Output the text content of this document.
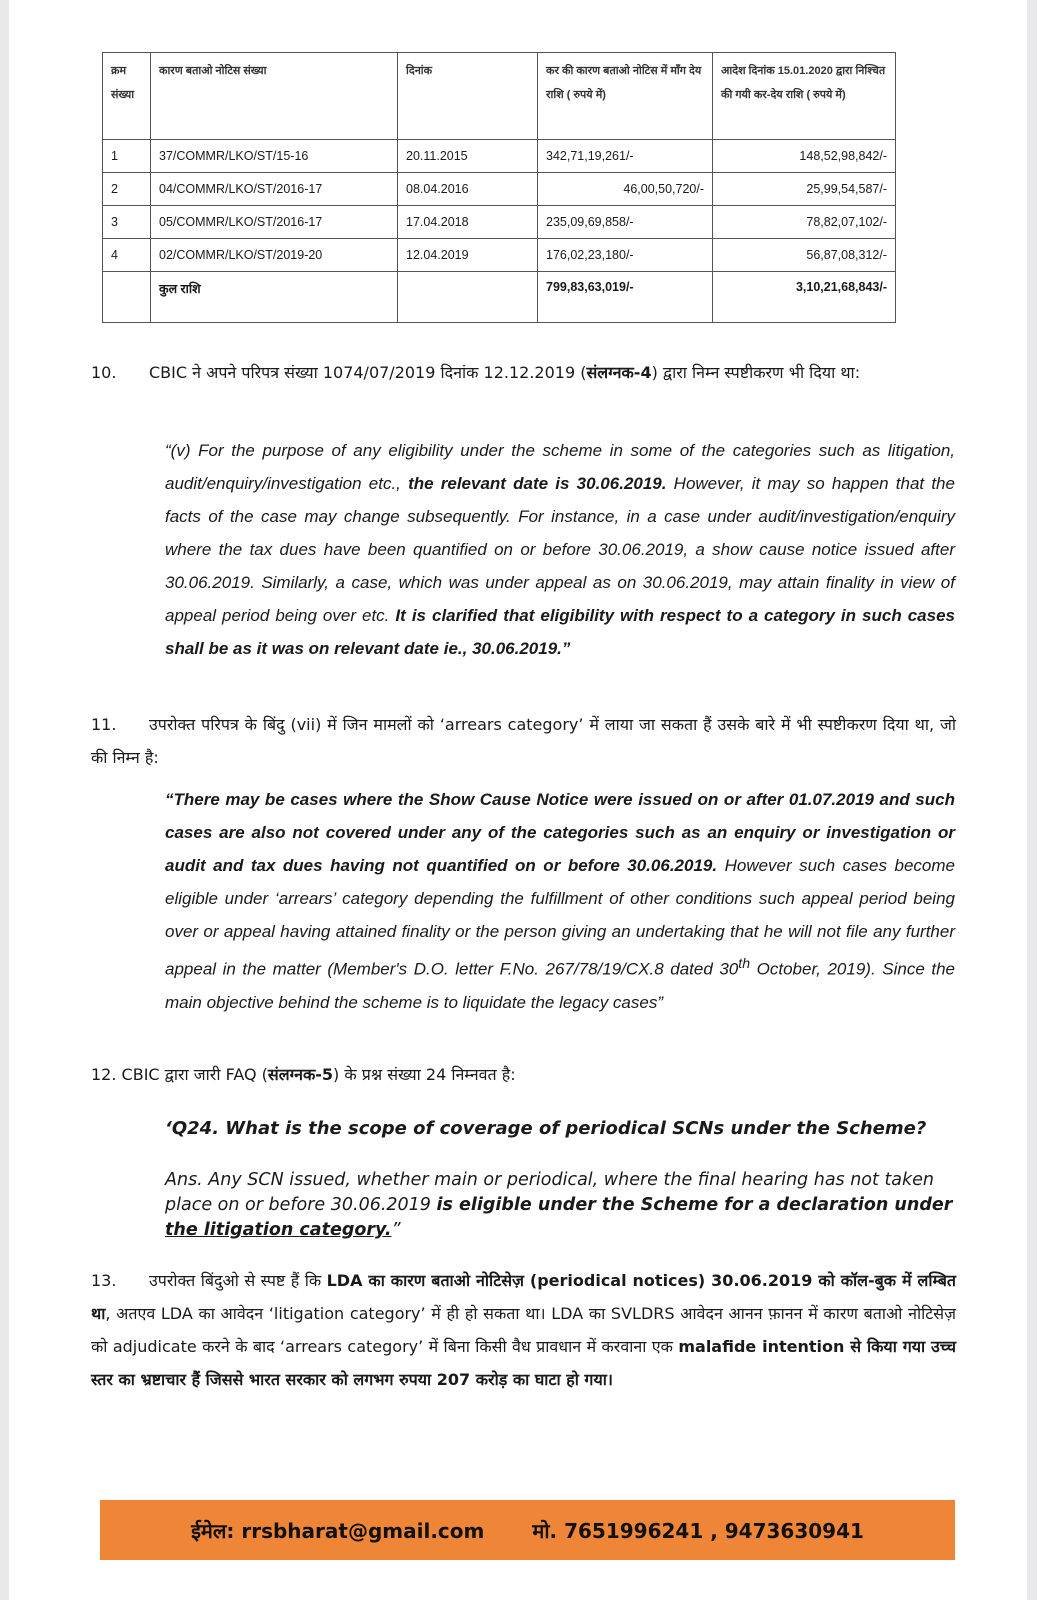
क्रम संख्या	कारण बताओ नोटिस संख्या	दिनांक	कर की कारण बताओ नोटिस में माँग देय राशि ( रुपये में)	आदेश दिनांक 15.01.2020 द्वारा निश्चित की गयी कर-देय राशि ( रुपये में)
1	37/COMMR/LKO/ST/15-16	20.11.2015	342,71,19,261/-	148,52,98,842/-
2	04/COMMR/LKO/ST/2016-17	08.04.2016	46,00,50,720/-	25,99,54,587/-
3	05/COMMR/LKO/ST/2016-17	17.04.2018	235,09,69,858/-	78,82,07,102/-
4	02/COMMR/LKO/ST/2019-20	12.04.2019	176,02,23,180/-	56,87,08,312/-
	कुल राशि		799,83,63,019/-	3,10,21,68,843/-
10. CBIC ने अपने परिपत्र संख्या 1074/07/2019 दिनांक 12.12.2019 (संलग्नक-4) द्वारा निम्न स्पष्टीकरण भी दिया था:
“(v) For the purpose of any eligibility under the scheme in some of the categories such as litigation, audit/enquiry/investigation etc., the relevant date is 30.06.2019. However, it may so happen that the facts of the case may change subsequently. For instance, in a case under audit/investigation/enquiry where the tax dues have been quantified on or before 30.06.2019, a show cause notice issued after 30.06.2019. Similarly, a case, which was under appeal as on 30.06.2019, may attain finality in view of appeal period being over etc. It is clarified that eligibility with respect to a category in such cases shall be as it was on relevant date ie., 30.06.2019.”
11. उपरोक्त परिपत्र के बिंदु (vii) में जिन मामलों को ‘arrears category’ में लाया जा सकता हैं उसके बारे में भी स्पष्टीकरण दिया था, जो की निम्न है:
“There may be cases where the Show Cause Notice were issued on or after 01.07.2019 and such cases are also not covered under any of the categories such as an enquiry or investigation or audit and tax dues having not quantified on or before 30.06.2019. However such cases become eligible under ‘arrears’ category depending the fulfillment of other conditions such appeal period being over or appeal having attained finality or the person giving an undertaking that he will not file any further appeal in the matter (Member's D.O. letter F.No. 267/78/19/CX.8 dated 30th October, 2019). Since the main objective behind the scheme is to liquidate the legacy cases”
12. CBIC द्वारा जारी FAQ (संलग्नक-5) के प्रश्न संख्या 24 निम्नवत है:
‘Q24. What is the scope of coverage of periodical SCNs under the Scheme?
Ans. Any SCN issued, whether main or periodical, where the final hearing has not taken place on or before 30.06.2019 is eligible under the Scheme for a declaration under the litigation category.”
13. उपरोक्त बिंदुओ से स्पष्ट हैं कि LDA का कारण बताओ नोटिसेज़ (periodical notices) 30.06.2019 को कॉल-बुक में लम्बित था, अतएव LDA का आवेदन ‘litigation category’ में ही हो सकता था। LDA का SVLDRS आवेदन आनन फ़ानन में कारण बताओ नोटिसेज़ को adjudicate करने के बाद ‘arrears category’ में बिना किसी वैध प्रावधान में करवाना एक malafide intention से किया गया उच्च स्तर का भ्रष्टाचार हैं जिससे भारत सरकार को लगभग रुपया 207 करोड़ का घाटा हो गया।
ईमेल: rrsbharat@gmail.com मो. 7651996241 , 9473630941
